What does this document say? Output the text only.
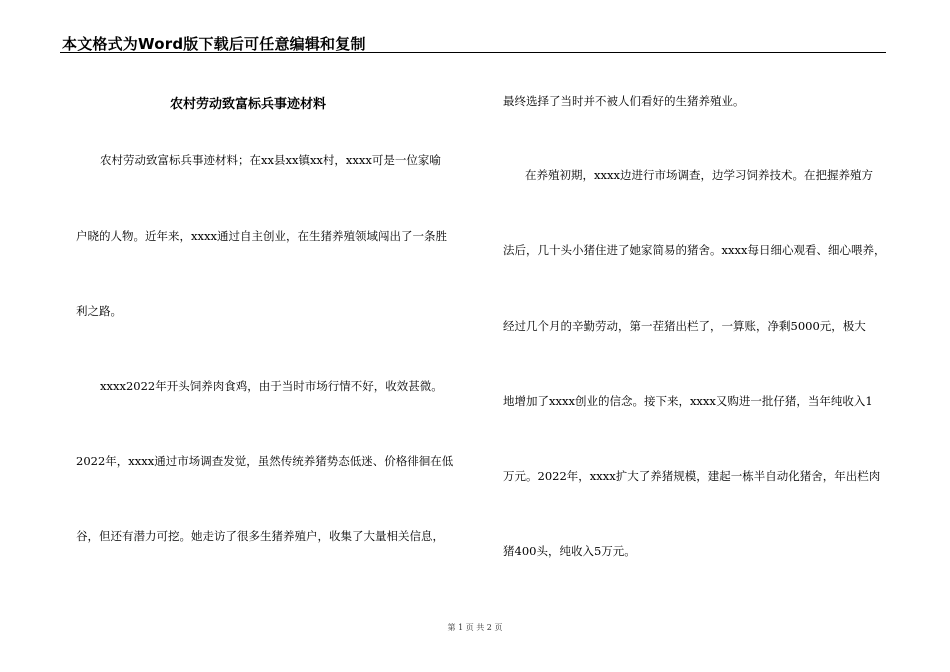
本文格式为Word版下载后可任意编辑和复制
农村劳动致富标兵事迹材料
农村劳动致富标兵事迹材料；在xx县xx镇xx村，xxxx可是一位家喻
户晓的人物。近年来，xxxx通过自主创业，在生猪养殖领域闯出了一条胜
利之路。
xxxx2022年开头饲养肉食鸡，由于当时市场行情不好，收效甚微。
2022年，xxxx通过市场调查发觉，虽然传统养猪势态低迷、价格徘徊在低
谷，但还有潜力可挖。她走访了很多生猪养殖户，收集了大量相关信息，
最终选择了当时并不被人们看好的生猪养殖业。
在养殖初期，xxxx边进行市场调查，边学习饲养技术。在把握养殖方
法后，几十头小猪住进了她家简易的猪舍。xxxx每日细心观看、细心喂养，
经过几个月的辛勤劳动，第一茬猪出栏了，一算账，净剩5000元，极大
地增加了xxxx创业的信念。接下来，xxxx又购进一批仔猪，当年纯收入1
万元。2022年，xxxx扩大了养猪规模，建起一栋半自动化猪舍，年出栏肉
猪400头，纯收入5万元。
第 1 页 共 2 页
